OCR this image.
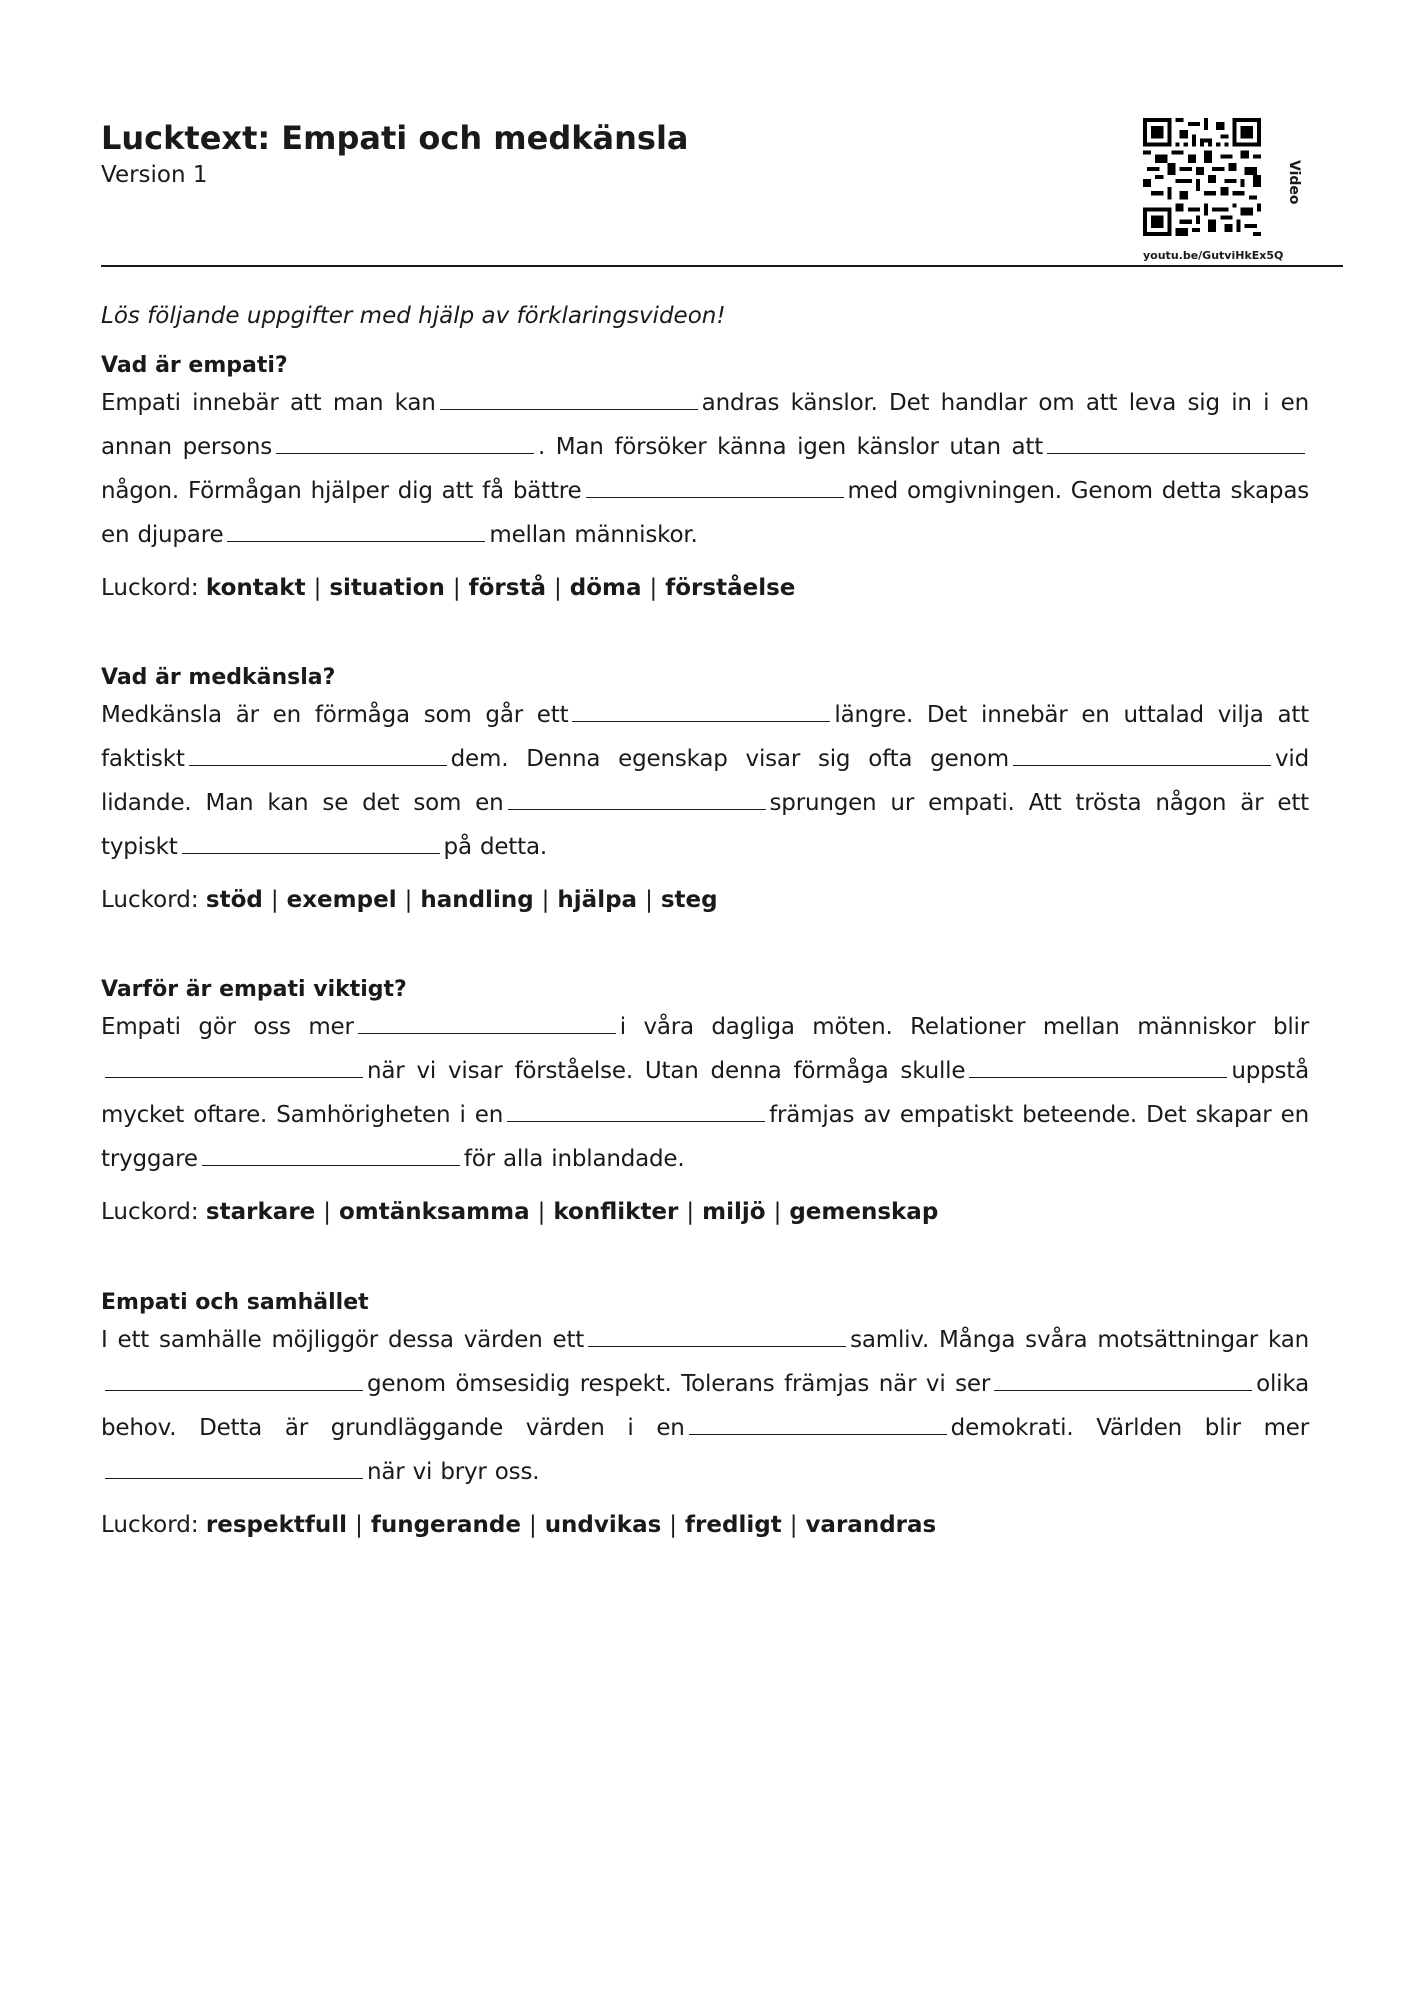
Lucktext: Empati och medkänsla
Version 1
youtu.be/GutviHkEx5Q
Video
Lös följande uppgifter med hjälp av förklaringsvideon!
Vad är empati?
Empati innebär att man kan	andras känslor. Det handlar om att leva sig in i en annan persons	. Man försöker känna igen känslor utan attnågon. Förmågan hjälper dig att få bättre	med omgivningen. Genom detta skapas en djupare	mellan människor.
Luckord: kontakt | situation | förstå | döma | förståelse
Vad är medkänsla?
Medkänsla är en förmåga som går ett	längre. Det innebär en uttalad vilja att faktiskt	dem. Denna egenskap visar sig ofta genom	vid lidande. Man kan se det som en	sprungen ur empati. Att trösta någon är ett typiskt	på detta.
Luckord: stöd | exempel | handling | hjälpa | steg
Varför är empati viktigt?
Empati gör oss mer	i våra dagliga möten. Relationer mellan människor blirnär vi visar förståelse. Utan denna förmåga skulle	uppstå mycket oftare. Samhörigheten i en	främjas av empatiskt beteende. Det skapar en tryggare	för alla inblandade.
Luckord: starkare | omtänksamma | konflikter | miljö | gemenskap
Empati och samhället
I ett samhälle möjliggör dessa värden ett	samliv. Många svåra motsättningar kangenom ömsesidig respekt. Tolerans främjas när vi ser	olika behov. Detta är grundläggande värden i en	demokrati. Världen blir mernär vi bryr oss.
Luckord: respektfull | fungerande | undvikas | fredligt | varandras
